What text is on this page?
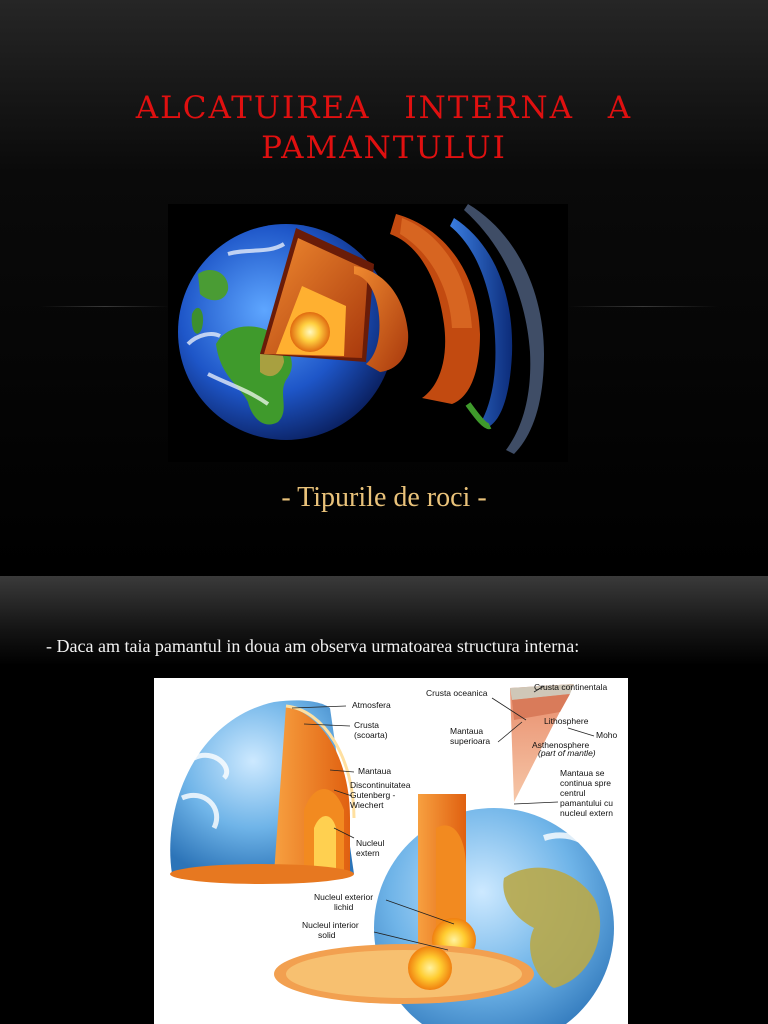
ALCATUIREA INTERNA A
PAMANTULUI
- Tipurile de roci -
- Daca am taia pamantul in doua am observa urmatoarea structura interna:
Atmosfera
Crusta
(scoarta)
Mantaua
Discontinuitatea
Gutenberg -
Wiechert
Nucleul
extern
Nucleul exterior
lichid
Nucleul interior
solid
Crusta oceanica
Crusta continentala
Mantaua
superioara
Lithosphere
Asthenosphere
(part of mantle)
Moho
Mantaua se
continua spre
centrul
pamantului cu
nucleul extern
